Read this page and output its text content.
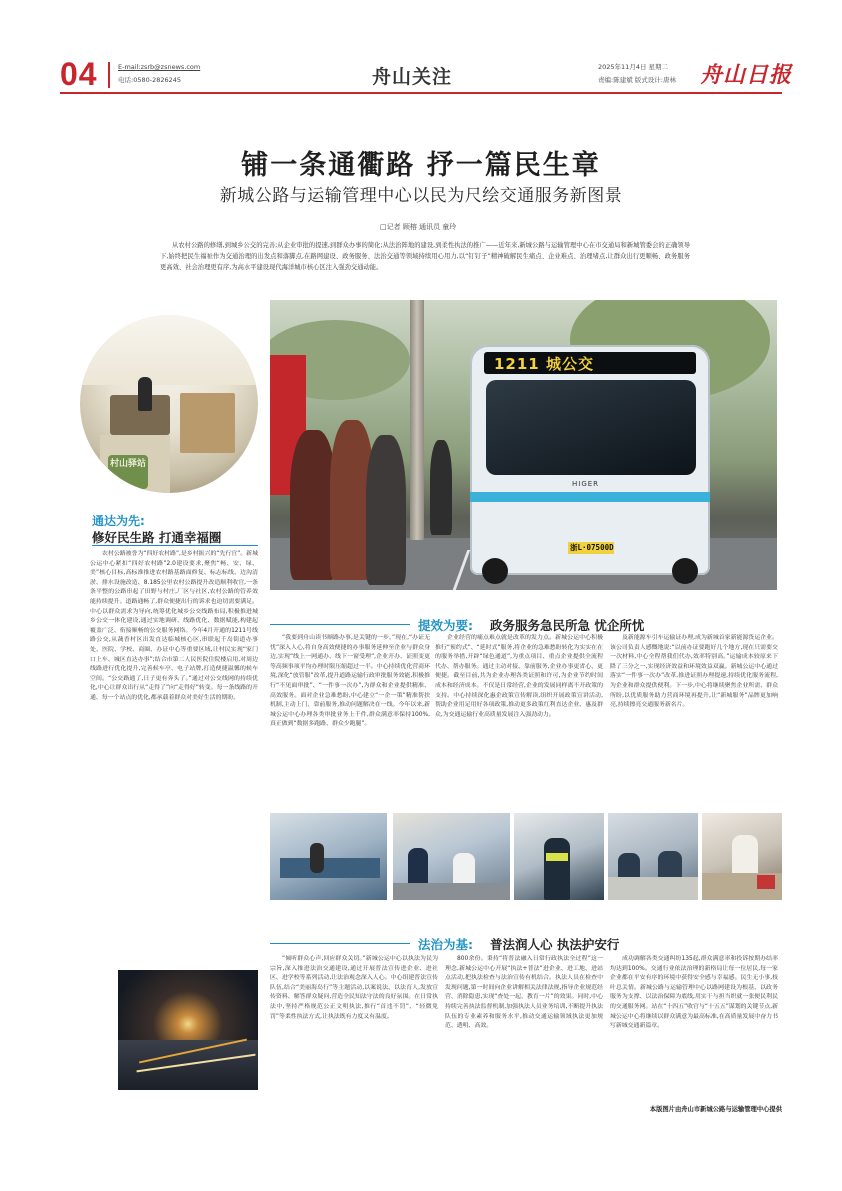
04	E-mail:zsrb@zsnews.com
电话:0580-2826245	舟山关注	2025年11月4日 星期二
责编:陈建斌 版式设计:唐林 舟山日报
铺一条通衢路 抒一篇民生章
新城公路与运输管理中心以民为尺绘交通服务新图景
□记者 顾榕 通讯员 童玲
从农村公路的修缮,到城乡公交的完善;从企业审批的提速,到群众办事的简化;从法治阵地的建设,到柔性执法的推广——近年来,新城公路与运输管理中心在市交通局和新城管委会的正确领导下,始终把民生福祉作为交通治理的出发点和落脚点,在路网建设、政务服务、法治交通等领域持续用心用力,以“钉钉子”精神破解民生痛点、企业难点、治理堵点,让群众出行更顺畅、政务服务更高效、社会治理更有序,为高水平建设现代海洋城市核心区注入强劲交通动能。
村山驿站
1211 城公交
HIGER
浙L·07500D
通达为先:
修好民生路 打通幸福圈
农村公路被誉为“四好农村路”,是乡村振兴的“先行官”。新城公运中心紧扣“四好农村路”2.0建设要求,聚焦“畅、安、绿、美”核心目标,高标准推进农村路基路面修复、标志标线、边沟清淤、排水设施改造、8.185公里农村公路提升改造顺利收官,一条条平整的公路串起了田野与村庄,厂区与社区,农村公路的管养效能持续提升。道路通畅了,群众便捷出行的诉求也迫切需要满足。中心以群众需求为导向,统筹优化城乡公交线路布局,积极推进城乡公交一体化建设,通过实地调研、线路优化、数据赋能,构建起覆盖广泛、衔接顺畅的公交服务网络。今年4月开通的1211号线路公交,从蔬香村区出发直达临城核心区,串联起千岛街道办事处、医院、学校、商圈、办证中心等重要区域,让村民实现“家门口上车、城区直达办事”;结合市第二人民医院住院楼启用,对周边线路进行优化提升,完善候车亭、电子站牌,打造便捷温馨的候车空间。“公交路通了,日子更有奔头了。”通过对公交线网的持续优化,中心让群众出行从“走得了”向“走得好”转变。每一条线路的开通、每一个站点的优化,都承载着群众对美好生活的期盼。
提效为要: 政务服务急民所急 忧企所忧
“我要到舟山读书顺路办事,是关键的一步。”现在,“办证无忧”深入人心,将自身高效便捷的办事服务延伸至企业与群众身边,实现“线上一网通办、线下一窗受理”,企业开办、证照变更等高频事项平均办理时限压缩超过一半。中心持续优化营商环境,深化“放管服”改革,提升道路运输行政审批服务效能,积极推行“不见面审批”、“一件事一次办”,为群众和企业提供精准、高效服务。面对企业急难愁盼,中心建立“一企一策”精准帮扶机制,主动上门、靠前服务,推动问题解决在一线。今年以来,新城公运中心办理各类审批业务上千件,群众满意率保持100%,真正做到“数据多跑路、群众少跑腿”。
企业经营的痛点难点就是改革的发力点。新城公运中心积极推行“预约式”、“延时式”服务,将企业的急难愁盼转化为实实在在的服务举措,开辟“绿色通道”,为重点项目、重点企业提供全流程代办、帮办服务。通过主动对接、靠前服务,企业办事更省心、更便捷。截至目前,共为企业办理各类证照和许可,为企业节约时间成本和经济成本。不仅是日常经营,企业的发展同样离不开政策的支持。中心持续深化惠企政策宣传解读,组织开展政策宣讲活动,帮助企业用足用好各项政策,推动更多政策红利直达企业、惠及群众,为交通运输行业高质量发展注入强劲动力。
及新能源车引车运输证办理,成为新城首家新能源货运企业。该公司负责人感慨地说:“以前办证要跑好几个地方,现在只需要交一次材料,中心全程帮我们代办,效率特别高。”运输成本较原来下降了三分之一,实现经济效益和环境效益双赢。新城公运中心通过落实“一件事一次办”改革,推进证照办理提速,持续优化服务流程,为企业和群众提供便利。下一步,中心将继续聚焦企业所需、群众所盼,以优质服务助力营商环境再提升,让“新城服务”品牌更加响亮,持续擦亮交通服务新名片。
法治为基: 普法润人心 执法护安行
“倾听群众心声,回应群众关切。”新城公运中心以执法为民为宗旨,深入推进法治交通建设,通过开展普法宣传进企业、进社区、进学校等系列活动,让法治观念深入人心。中心组建普法宣传队伍,结合“美丽海岛行”等主题活动,以案说法、以法育人,发放宣传资料、解答群众疑问,营造全民知法守法的良好氛围。在日常执法中,坚持严格规范公正文明执法,推行“首违不罚”、“轻微免罚”等柔性执法方式,让执法既有力度又有温度。
800余份。秉持“将普法融入日常行政执法全过程”这一理念,新城公运中心开展“执法+普法”进企业、进工地、进站点活动,把执法检查与法治宣传有机结合。执法人员在检查中发现问题,第一时间向企业讲解相关法律法规,指导企业规范经营、消除隐患,实现“查处一起、教育一片”的效果。同时,中心持续完善执法监督机制,加强执法人员业务培训,不断提升执法队伍的专业素养和服务水平,推动交通运输领域执法更加规范、透明、高效。
成功调解各类交通纠纷135起,群众满意率和投诉按期办结率均达到100%。交通行业依法治理的新格局让每一位居民,每一家企业都在平安有序的环境中获得安全感与幸福感。民生无小事,枝叶总关情。新城公路与运输管理中心以路网建设为根基、以政务服务为支撑、以法治保障为底线,用实干与担当织就一张便民利民的交通服务网。站在“十四五”收官与“十五五”谋划的关键节点,新城公运中心将继续以群众满意为最高标准,在高质量发展中奋力书写新城交通新篇章。
本版图片由舟山市新城公路与运输管理中心提供
